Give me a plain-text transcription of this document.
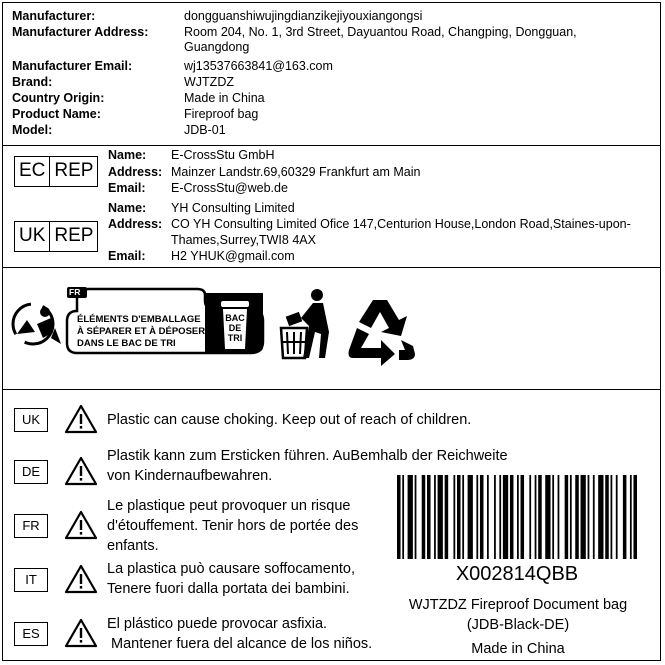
Manufacturer:	dongguanshiwujingdianzikejiyouxiangongsi
Manufacturer Address:	Room 204, No. 1, 3rd Street, Dayuantou Road, Changping, Dongguan,
Guangdong
Manufacturer Email:	wj13537663841@163.com
Brand:	WJTZDZ
Country Origin:	Made in China
Product Name:	Fireproof bag
Model:	JDB-01
EC REP
Name: E-CrossStu GmbH
Address: Mainzer Landstr.69,60329 Frankfurt am Main
Email: E-CrossStu@web.de
UK REP
Name: YH Consulting Limited
Address: CO YH Consulting Limited Ofice 147,Centurion House,London Road,Staines-upon-
Thames,Surrey,TWI8 4AX
Email: H2 YHUK@gmail.com
FR
ÉLÉMENTS D'EMBALLAGE
À SÉPARER ET À DÉPOSER
DANS LE BAC DE TRI
BAC
DE
TRI
UK	Plastic can cause choking. Keep out of reach of children.
DE
Plastik kann zum Ersticken führen. AuBemhalb der Reichweite
von Kindernaufbewahren.
FR
Le plastique peut provoquer un risque
d'étouffement. Tenir hors de portée des
enfants.
IT
La plastica può causare soffocamento,
Tenere fuori dalla portata dei bambini.
ES
El plástico puede provocar asfixia.
Mantener fuera del alcance de los niños.
X002814QBB
WJTZDZ Fireproof Document bag
(JDB-Black-DE)
Made in China
